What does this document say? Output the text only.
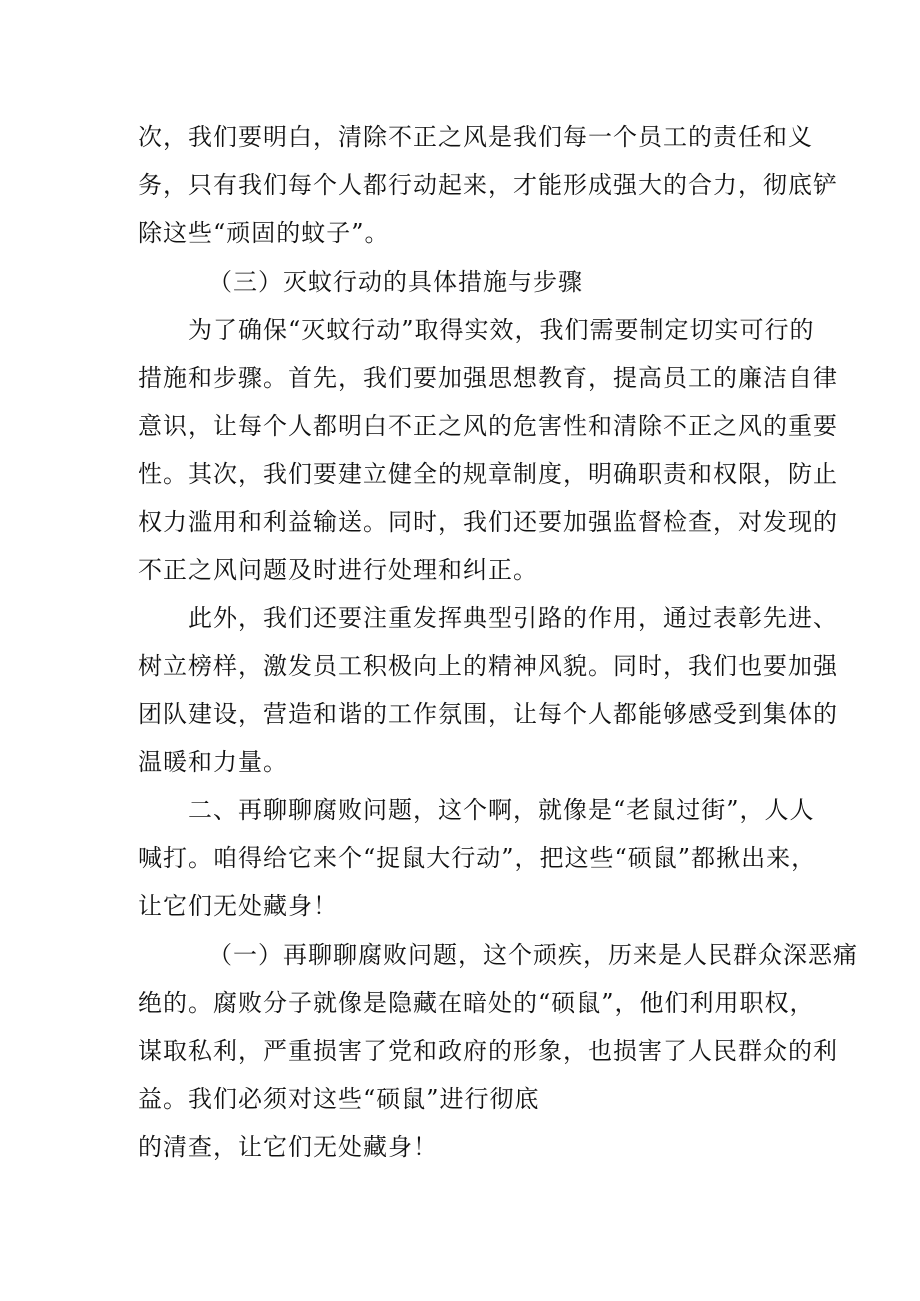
次，我们要明白，清除不正之风是我们每一个员工的责任和义
务，只有我们每个人都行动起来，才能形成强大的合力，彻底铲
除这些“顽固的蚊子”。
（三）灭蚊行动的具体措施与步骤
为了确保“灭蚊行动”取得实效，我们需要制定切实可行的
措施和步骤。首先，我们要加强思想教育，提高员工的廉洁自律
意识，让每个人都明白不正之风的危害性和清除不正之风的重要
性。其次，我们要建立健全的规章制度，明确职责和权限，防止
权力滥用和利益输送。同时，我们还要加强监督检查，对发现的
不正之风问题及时进行处理和纠正。
此外，我们还要注重发挥典型引路的作用，通过表彰先进、
树立榜样，激发员工积极向上的精神风貌。同时，我们也要加强
团队建设，营造和谐的工作氛围，让每个人都能够感受到集体的
温暖和力量。
二、再聊聊腐败问题，这个啊，就像是“老鼠过街”，人人
喊打。咱得给它来个“捉鼠大行动”，把这些“硕鼠”都揪出来，
让它们无处藏身！
（一）再聊聊腐败问题，这个顽疾，历来是人民群众深恶痛
绝的。腐败分子就像是隐藏在暗处的“硕鼠”，他们利用职权，
谋取私利，严重损害了党和政府的形象，也损害了人民群众的利
益。我们必须对这些“硕鼠”进行彻底
的清查，让它们无处藏身！
